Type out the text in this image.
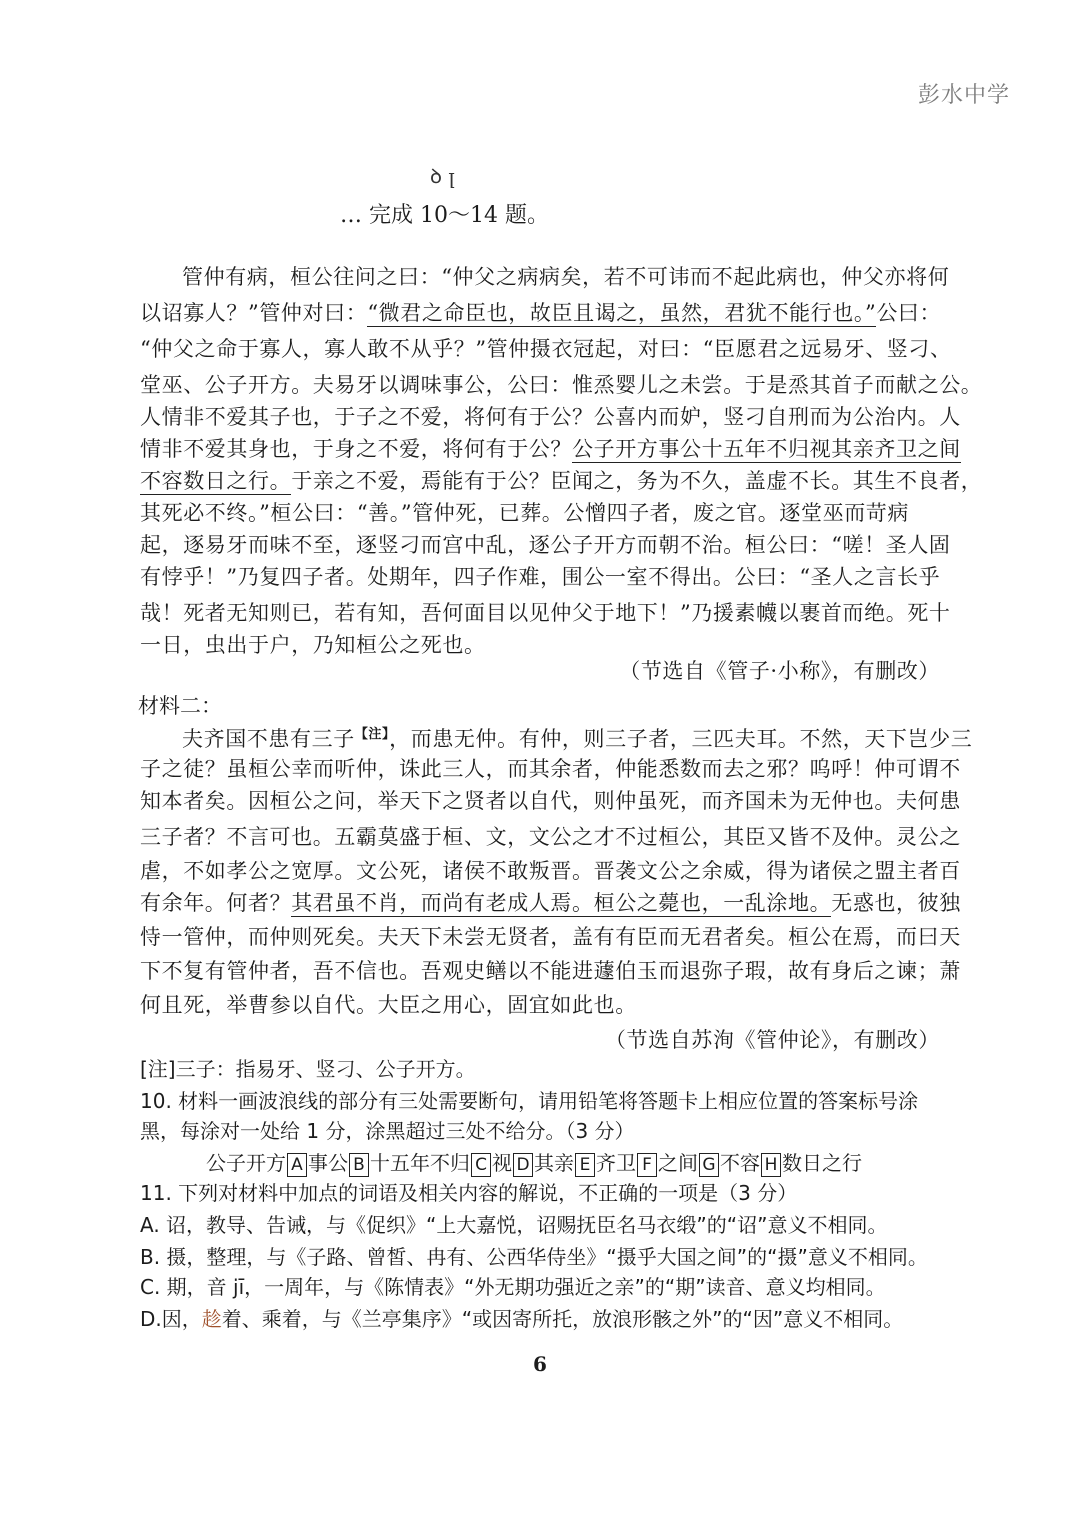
彭水中学
ꝺ ꞁ
… 完成 10～14 题。
管仲有病，桓公往问之曰：“仲父之病病矣，若不可讳而不起此病也，仲父亦将何
以诏寡人？”管仲对曰：“微君之命臣也，故臣且谒之，虽然，君犹不能行也。”公曰：
“仲父之命于寡人，寡人敢不从乎？”管仲摄衣冠起，对曰：“臣愿君之远易牙、竖刁、
堂巫、公子开方。夫易牙以调味事公，公曰：惟烝婴儿之未尝。于是烝其首子而献之公。
人情非不爱其子也，于子之不爱，将何有于公？公喜内而妒，竖刁自刑而为公治内。人
情非不爱其身也，于身之不爱，将何有于公？公子开方事公十五年不归视其亲齐卫之间
不容数日之行。于亲之不爱，焉能有于公？臣闻之，务为不久，盖虚不长。其生不良者，
其死必不终。”桓公曰：“善。”管仲死，已葬。公憎四子者，废之官。逐堂巫而苛病
起，逐易牙而味不至，逐竖刁而宫中乱，逐公子开方而朝不治。桓公曰：“嗟！圣人固
有悖乎！”乃复四子者。处期年，四子作难，围公一室不得出。公曰：“圣人之言长乎
哉！死者无知则已，若有知，吾何面目以见仲父于地下！”乃援素幭以裹首而绝。死十
一日，虫出于户，乃知桓公之死也。
（节选自《管子·小称》，有删改）
材料二：
夫齐国不患有三子$^{【注】}$，而患无仲。有仲，则三子者，三匹夫耳。不然，天下岂少三
子之徒？虽桓公幸而听仲，诛此三人，而其余者，仲能悉数而去之邪？呜呼！仲可谓不
知本者矣。因桓公之问，举天下之贤者以自代，则仲虽死，而齐国未为无仲也。夫何患
三子者？不言可也。五霸莫盛于桓、文，文公之才不过桓公，其臣又皆不及仲。灵公之
虐，不如孝公之宽厚。文公死，诸侯不敢叛晋。晋袭文公之余威，得为诸侯之盟主者百
有余年。何者？其君虽不肖，而尚有老成人焉。桓公之薨也，一乱涂地。无惑也，彼独
恃一管仲，而仲则死矣。夫天下未尝无贤者，盖有有臣而无君者矣。桓公在焉，而曰天
下不复有管仲者，吾不信也。吾观史鳝以不能进蘧伯玉而退弥子瑕，故有身后之谏；萧
何且死，举曹参以自代。大臣之用心，固宜如此也。
（节选自苏洵《管仲论》，有删改）
[注]三子：指易牙、竖刁、公子开方。
10. 材料一画波浪线的部分有三处需要断句，请用铅笔将答题卡上相应位置的答案标号涂
黑，每涂对一处给 1 分，涂黑超过三处不给分。（3 分）
公子开方 A 事公 B 十五年不归 C 视 D 其亲 E 齐卫 F 之间 G 不容 H 数日之行
11. 下列对材料中加点的词语及相关内容的解说，不正确的一项是（3 分）
A. 诏，教导、告诫，与《促织》“上大嘉悦，诏赐抚臣名马衣缎”的“诏”意义不相同。
B. 摄，整理，与《子路、曾皙、冉有、公西华侍坐》“摄乎大国之间”的“摄”意义不相同。
C. 期，音 jī，一周年，与《陈情表》“外无期功强近之亲”的“期”读音、意义均相同。
D.因，趁着、乘着，与《兰亭集序》“或因寄所托，放浪形骸之外”的“因”意义不相同。
6
